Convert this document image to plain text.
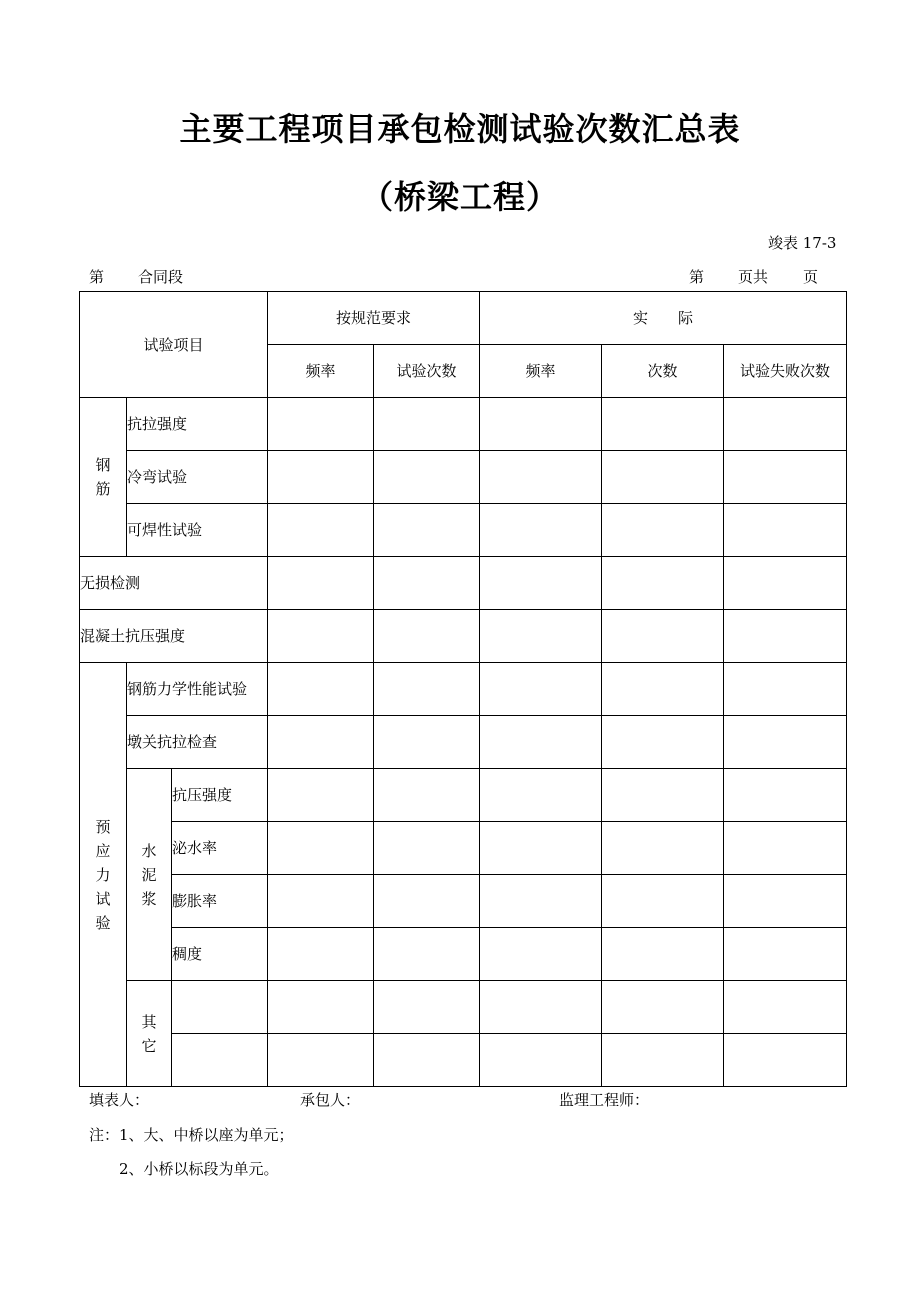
主要工程项目承包检测试验次数汇总表
（桥梁工程）
竣表 17-3
第 合同段	第 页共 页
试验项目			按规范要求		实　　际		
			频率	试验次数	频率	次数	试验失败次数
钢筋	抗拉强度						
	冷弯试验						
	可焊性试验						
无损检测							
混凝土抗压强度							
预应力试验	钢筋力学性能试验						
	墩关抗拉检查						
	水泥浆	抗压强度					
		泌水率					
		膨胀率					
		稠度					
	其它						

填表人：	承包人：	监理工程师：
注：1、大、中桥以座为单元；
2、小桥以标段为单元。
